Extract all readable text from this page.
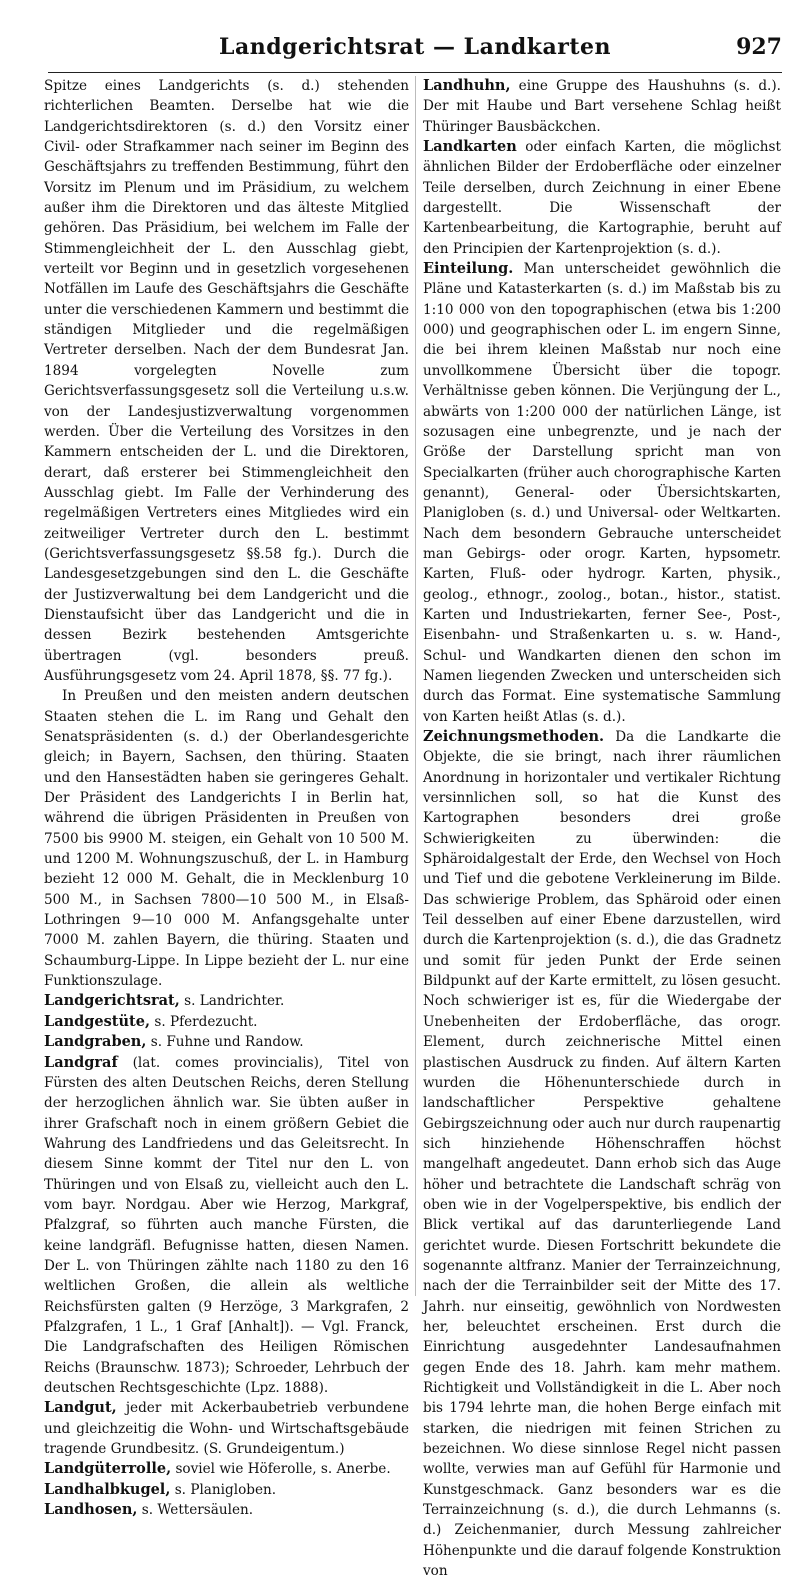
Landgerichtsrat — Landkarten	927

Spitze eines Landgerichts (s. d.) stehenden richterlichen Beamten. Derselbe hat wie die Landgerichtsdirektoren (s. d.) den Vorsitz einer Civil- oder Strafkammer nach seiner im Beginn des Geschäftsjahrs zu treffenden Bestimmung, führt den Vorsitz im Plenum und im Präsidium, zu welchem außer ihm die Direktoren und das älteste Mitglied gehören. Das Präsidium, bei welchem im Falle der Stimmengleichheit der L. den Ausschlag giebt, verteilt vor Beginn und in gesetzlich vorgesehenen Notfällen im Laufe des Geschäftsjahrs die Geschäfte unter die verschiedenen Kammern und bestimmt die ständigen Mitglieder und die regelmäßigen Vertreter derselben. Nach der dem Bundesrat Jan. 1894 vorgelegten Novelle zum Gerichtsverfassungsgesetz soll die Verteilung u.s.w. von der Landesjustizverwaltung vorgenommen werden. Über die Verteilung des Vorsitzes in den Kammern entscheiden der L. und die Direktoren, derart, daß ersterer bei Stimmengleichheit den Ausschlag giebt. Im Falle der Verhinderung des regelmäßigen Vertreters eines Mitgliedes wird ein zeitweiliger Vertreter durch den L. bestimmt (Gerichtsverfassungsgesetz §§.58 fg.). Durch die Landesgesetzgebungen sind den L. die Geschäfte der Justizverwaltung bei dem Landgericht und die Dienstaufsicht über das Landgericht und die in dessen Bezirk bestehenden Amtsgerichte übertragen (vgl. besonders preuß. Ausführungsgesetz vom 24. April 1878, §§. 77 fg.).

In Preußen und den meisten andern deutschen Staaten stehen die L. im Rang und Gehalt den Senatspräsidenten (s. d.) der Oberlandesgerichte gleich; in Bayern, Sachsen, den thüring. Staaten und den Hansestädten haben sie geringeres Gehalt. Der Präsident des Landgerichts I in Berlin hat, während die übrigen Präsidenten in Preußen von 7500 bis 9900 M. steigen, ein Gehalt von 10 500 M. und 1200 M. Wohnungszuschuß, der L. in Hamburg bezieht 12 000 M. Gehalt, die in Mecklenburg 10 500 M., in Sachsen 7800—10 500 M., in Elsaß-Lothringen 9—10 000 M. Anfangsgehalte unter 7000 M. zahlen Bayern, die thüring. Staaten und Schaumburg-Lippe. In Lippe bezieht der L. nur eine Funktionszulage.

Landgerichtsrat, s. Landrichter.

Landgestüte, s. Pferdezucht.

Landgraben, s. Fuhne und Randow.

Landgraf (lat. comes provincialis), Titel von Fürsten des alten Deutschen Reichs, deren Stellung der herzoglichen ähnlich war. Sie übten außer in ihrer Grafschaft noch in einem größern Gebiet die Wahrung des Landfriedens und das Geleitsrecht. In diesem Sinne kommt der Titel nur den L. von Thüringen und von Elsaß zu, vielleicht auch den L. vom bayr. Nordgau. Aber wie Herzog, Markgraf, Pfalzgraf, so führten auch manche Fürsten, die keine landgräfl. Befugnisse hatten, diesen Namen. Der L. von Thüringen zählte nach 1180 zu den 16 weltlichen Großen, die allein als weltliche Reichsfürsten galten (9 Herzöge, 3 Markgrafen, 2 Pfalzgrafen, 1 L., 1 Graf [Anhalt]). — Vgl. Franck, Die Landgrafschaften des Heiligen Römischen Reichs (Braunschw. 1873); Schroeder, Lehrbuch der deutschen Rechtsgeschichte (Lpz. 1888).

Landgut, jeder mit Ackerbaubetrieb verbundene und gleichzeitig die Wohn- und Wirtschaftsgebäude tragende Grundbesitz. (S. Grundeigentum.)

Landgüterrolle, soviel wie Höferolle, s. Anerbe.

Landhalbkugel, s. Planigloben.

Landhosen, s. Wettersäulen.

Landhuhn, eine Gruppe des Haushuhns (s. d.). Der mit Haube und Bart versehene Schlag heißt Thüringer Bausbäckchen.

Landkarten oder einfach Karten, die möglichst ähnlichen Bilder der Erdoberfläche oder einzelner Teile derselben, durch Zeichnung in einer Ebene dargestellt. Die Wissenschaft der Kartenbearbeitung, die Kartographie, beruht auf den Principien der Kartenprojektion (s. d.).

Einteilung. Man unterscheidet gewöhnlich die Pläne und Katasterkarten (s. d.) im Maßstab bis zu 1:10 000 von den topographischen (etwa bis 1:200 000) und geographischen oder L. im engern Sinne, die bei ihrem kleinen Maßstab nur noch eine unvollkommene Übersicht über die topogr. Verhältnisse geben können. Die Verjüngung der L., abwärts von 1:200 000 der natürlichen Länge, ist sozusagen eine unbegrenzte, und je nach der Größe der Darstellung spricht man von Specialkarten (früher auch chorographische Karten genannt), General- oder Übersichtskarten, Planigloben (s. d.) und Universal- oder Weltkarten. Nach dem besondern Gebrauche unterscheidet man Gebirgs- oder orogr. Karten, hypsometr. Karten, Fluß- oder hydrogr. Karten, physik., geolog., ethnogr., zoolog., botan., histor., statist. Karten und Industriekarten, ferner See-, Post-, Eisenbahn- und Straßenkarten u. s. w. Hand-, Schul- und Wandkarten dienen den schon im Namen liegenden Zwecken und unterscheiden sich durch das Format. Eine systematische Sammlung von Karten heißt Atlas (s. d.).

Zeichnungsmethoden. Da die Landkarte die Objekte, die sie bringt, nach ihrer räumlichen Anordnung in horizontaler und vertikaler Richtung versinnlichen soll, so hat die Kunst des Kartographen besonders drei große Schwierigkeiten zu überwinden: die Sphäroidalgestalt der Erde, den Wechsel von Hoch und Tief und die gebotene Verkleinerung im Bilde. Das schwierige Problem, das Sphäroid oder einen Teil desselben auf einer Ebene darzustellen, wird durch die Kartenprojektion (s. d.), die das Gradnetz und somit für jeden Punkt der Erde seinen Bildpunkt auf der Karte ermittelt, zu lösen gesucht. Noch schwieriger ist es, für die Wiedergabe der Unebenheiten der Erdoberfläche, das orogr. Element, durch zeichnerische Mittel einen plastischen Ausdruck zu finden. Auf ältern Karten wurden die Höhenunterschiede durch in landschaftlicher Perspektive gehaltene Gebirgszeichnung oder auch nur durch raupenartig sich hinziehende Höhenschraffen höchst mangelhaft angedeutet. Dann erhob sich das Auge höher und betrachtete die Landschaft schräg von oben wie in der Vogelperspektive, bis endlich der Blick vertikal auf das darunterliegende Land gerichtet wurde. Diesen Fortschritt bekundete die sogenannte altfranz. Manier der Terrainzeichnung, nach der die Terrainbilder seit der Mitte des 17. Jahrh. nur einseitig, gewöhnlich von Nordwesten her, beleuchtet erscheinen. Erst durch die Einrichtung ausgedehnter Landesaufnahmen gegen Ende des 18. Jahrh. kam mehr mathem. Richtigkeit und Vollständigkeit in die L. Aber noch bis 1794 lehrte man, die hohen Berge einfach mit starken, die niedrigen mit feinen Strichen zu bezeichnen. Wo diese sinnlose Regel nicht passen wollte, verwies man auf Gefühl für Harmonie und Kunstgeschmack. Ganz besonders war es die Terrainzeichnung (s. d.), die durch Lehmanns (s. d.) Zeichenmanier, durch Messung zahlreicher Höhenpunkte und die darauf folgende Konstruktion von
